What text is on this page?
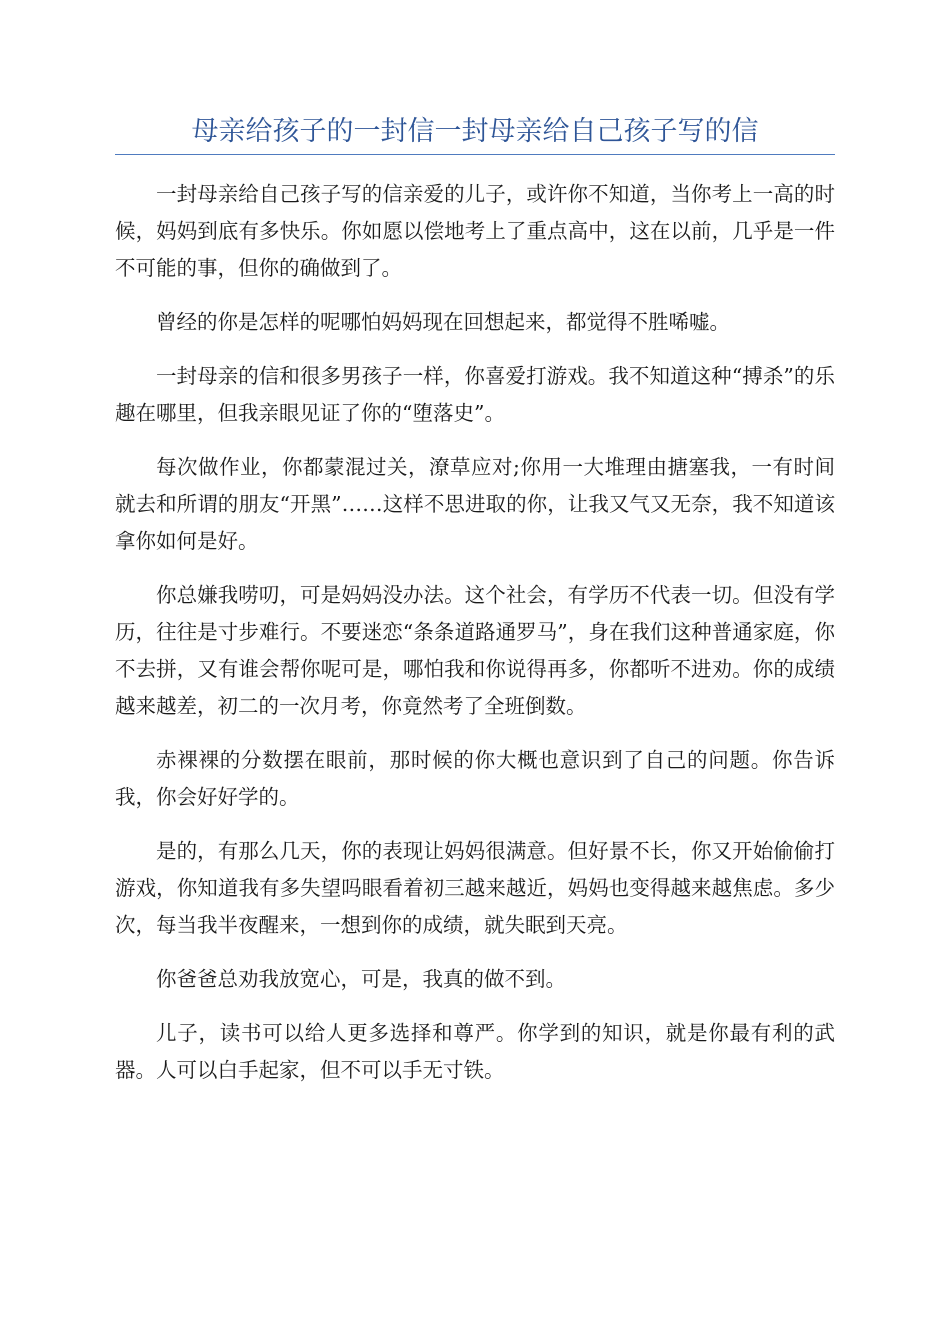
母亲给孩子的一封信一封母亲给自己孩子写的信

一封母亲给自己孩子写的信亲爱的儿子，或许你不知道，当你考上一高的时候，妈妈到底有多快乐。你如愿以偿地考上了重点高中，这在以前，几乎是一件不可能的事，但你的确做到了。

曾经的你是怎样的呢哪怕妈妈现在回想起来，都觉得不胜唏嘘。

一封母亲的信和很多男孩子一样，你喜爱打游戏。我不知道这种“搏杀”的乐趣在哪里，但我亲眼见证了你的“堕落史”。

每次做作业，你都蒙混过关，潦草应对;你用一大堆理由搪塞我，一有时间就去和所谓的朋友“开黑”……这样不思进取的你，让我又气又无奈，我不知道该拿你如何是好。

你总嫌我唠叨，可是妈妈没办法。这个社会，有学历不代表一切。但没有学历，往往是寸步难行。不要迷恋“条条道路通罗马”，身在我们这种普通家庭，你不去拼，又有谁会帮你呢可是，哪怕我和你说得再多，你都听不进劝。你的成绩越来越差，初二的一次月考，你竟然考了全班倒数。

赤裸裸的分数摆在眼前，那时候的你大概也意识到了自己的问题。你告诉我，你会好好学的。

是的，有那么几天，你的表现让妈妈很满意。但好景不长，你又开始偷偷打游戏，你知道我有多失望吗眼看着初三越来越近，妈妈也变得越来越焦虑。多少次，每当我半夜醒来，一想到你的成绩，就失眠到天亮。

你爸爸总劝我放宽心，可是，我真的做不到。

儿子，读书可以给人更多选择和尊严。你学到的知识，就是你最有利的武器。人可以白手起家，但不可以手无寸铁。
